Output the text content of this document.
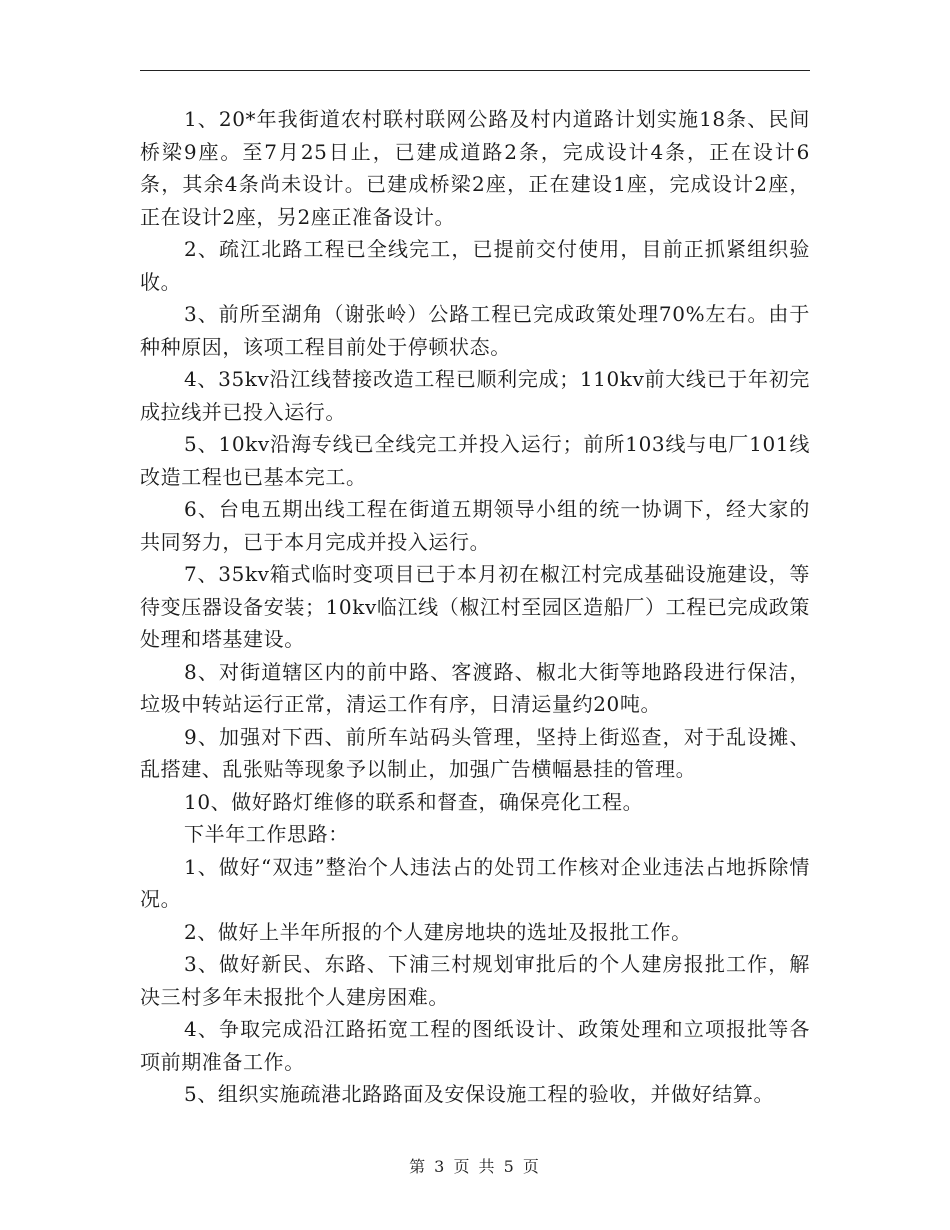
1、20*年我街道农村联村联网公路及村内道路计划实施18条、民间桥梁9座。至7月25日止，已建成道路2条，完成设计4条，正在设计6条，其余4条尚未设计。已建成桥梁2座，正在建设1座，完成设计2座，正在设计2座，另2座正准备设计。

2、疏江北路工程已全线完工，已提前交付使用，目前正抓紧组织验收。

3、前所至湖角（谢张岭）公路工程已完成政策处理70%左右。由于种种原因，该项工程目前处于停顿状态。

4、35kv沿江线替接改造工程已顺利完成；110kv前大线已于年初完成拉线并已投入运行。

5、10kv沿海专线已全线完工并投入运行；前所103线与电厂101线改造工程也已基本完工。

6、台电五期出线工程在街道五期领导小组的统一协调下，经大家的共同努力，已于本月完成并投入运行。

7、35kv箱式临时变项目已于本月初在椒江村完成基础设施建设，等待变压器设备安装；10kv临江线（椒江村至园区造船厂）工程已完成政策处理和塔基建设。

8、对街道辖区内的前中路、客渡路、椒北大街等地路段进行保洁，垃圾中转站运行正常，清运工作有序，日清运量约20吨。

9、加强对下西、前所车站码头管理，坚持上街巡查，对于乱设摊、乱搭建、乱张贴等现象予以制止，加强广告横幅悬挂的管理。

10、做好路灯维修的联系和督查，确保亮化工程。

下半年工作思路：

1、做好“双违”整治个人违法占的处罚工作核对企业违法占地拆除情况。

2、做好上半年所报的个人建房地块的选址及报批工作。

3、做好新民、东路、下浦三村规划审批后的个人建房报批工作，解决三村多年未报批个人建房困难。

4、争取完成沿江路拓宽工程的图纸设计、政策处理和立项报批等各项前期准备工作。

5、组织实施疏港北路路面及安保设施工程的验收，并做好结算。

第 3 页 共 5 页
